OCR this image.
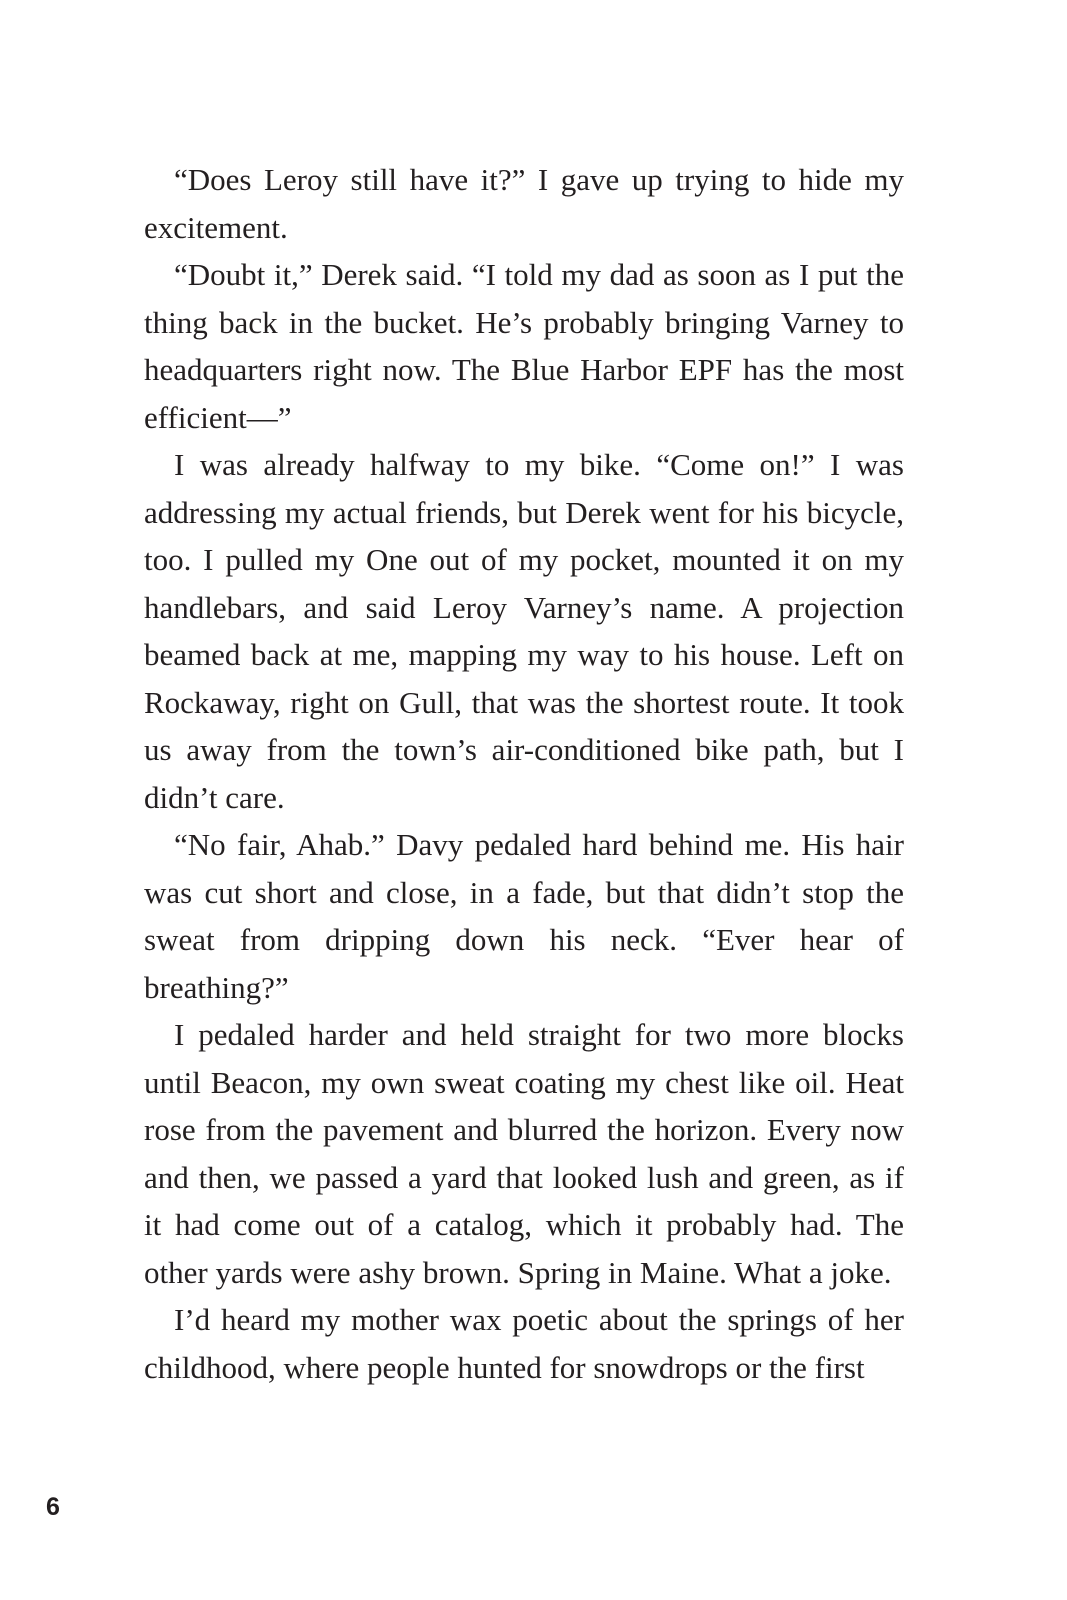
“Does Leroy still have it?” I gave up trying to hide my excitement.

“Doubt it,” Derek said. “I told my dad as soon as I put the thing back in the bucket. He’s probably bringing Varney to headquarters right now. The Blue Harbor EPF has the most efficient—”

I was already halfway to my bike. “Come on!” I was addressing my actual friends, but Derek went for his bicycle, too. I pulled my One out of my pocket, mounted it on my handlebars, and said Leroy Varney’s name. A projection beamed back at me, mapping my way to his house. Left on Rockaway, right on Gull, that was the shortest route. It took us away from the town’s air-conditioned bike path, but I didn’t care.

“No fair, Ahab.” Davy pedaled hard behind me. His hair was cut short and close, in a fade, but that didn’t stop the sweat from dripping down his neck. “Ever hear of breathing?”

I pedaled harder and held straight for two more blocks until Beacon, my own sweat coating my chest like oil. Heat rose from the pavement and blurred the horizon. Every now and then, we passed a yard that looked lush and green, as if it had come out of a catalog, which it probably had. The other yards were ashy brown. Spring in Maine. What a joke.

I’d heard my mother wax poetic about the springs of her childhood, where people hunted for snowdrops or the first

6
